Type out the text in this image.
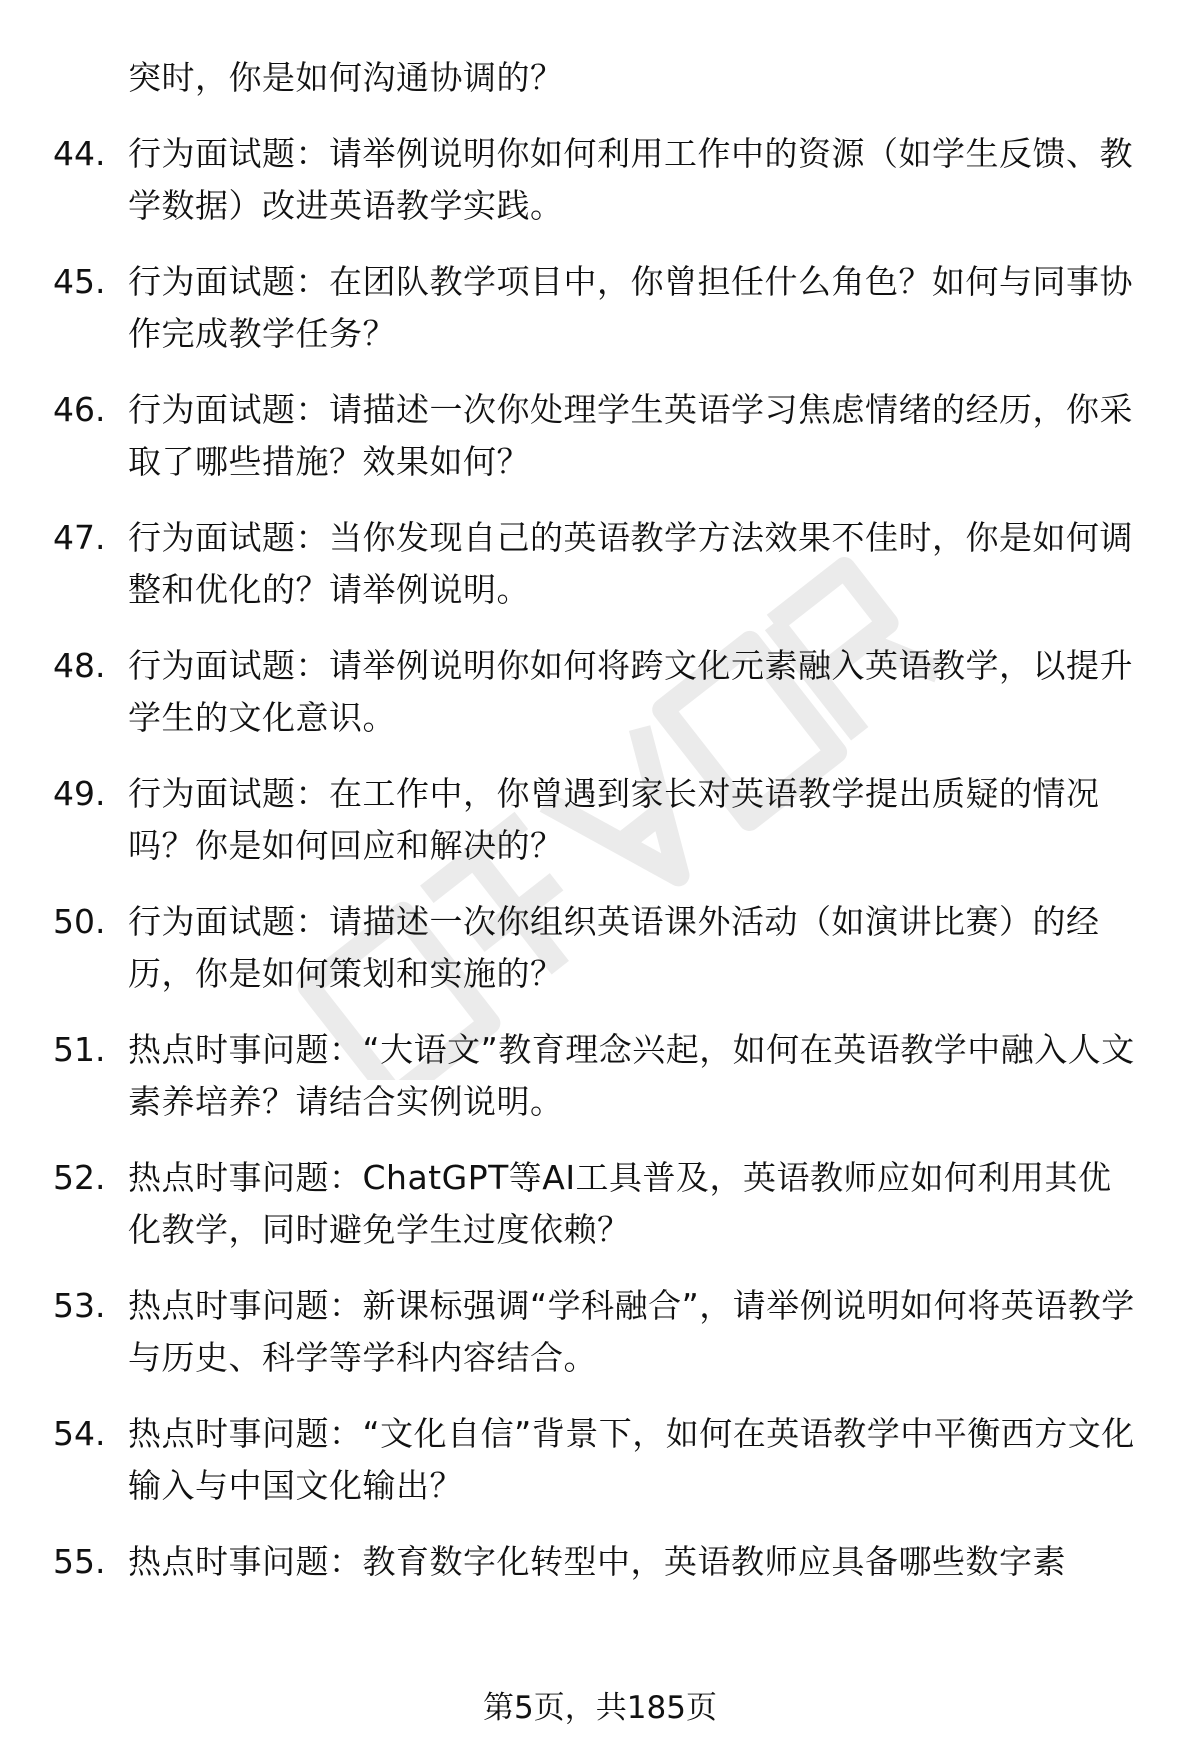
突时，你是如何沟通协调的？
44. 行为面试题：请举例说明你如何利用工作中的资源（如学生反馈、教学数据）改进英语教学实践。
45. 行为面试题：在团队教学项目中，你曾担任什么角色？如何与同事协作完成教学任务？
46. 行为面试题：请描述一次你处理学生英语学习焦虑情绪的经历，你采取了哪些措施？效果如何？
47. 行为面试题：当你发现自己的英语教学方法效果不佳时，你是如何调整和优化的？请举例说明。
48. 行为面试题：请举例说明你如何将跨文化元素融入英语教学，以提升学生的文化意识。
49. 行为面试题：在工作中，你曾遇到家长对英语教学提出质疑的情况吗？你是如何回应和解决的？
50. 行为面试题：请描述一次你组织英语课外活动（如演讲比赛）的经历，你是如何策划和实施的？
51. 热点时事问题：“大语文”教育理念兴起，如何在英语教学中融入人文素养培养？请结合实例说明。
52. 热点时事问题：ChatGPT等AI工具普及，英语教师应如何利用其优化教学，同时避免学生过度依赖？
53. 热点时事问题：新课标强调“学科融合”，请举例说明如何将英语教学与历史、科学等学科内容结合。
54. 热点时事问题：“文化自信”背景下，如何在英语教学中平衡西方文化输入与中国文化输出？
55. 热点时事问题：教育数字化转型中，英语教师应具备哪些数字素
第5页，共185页
